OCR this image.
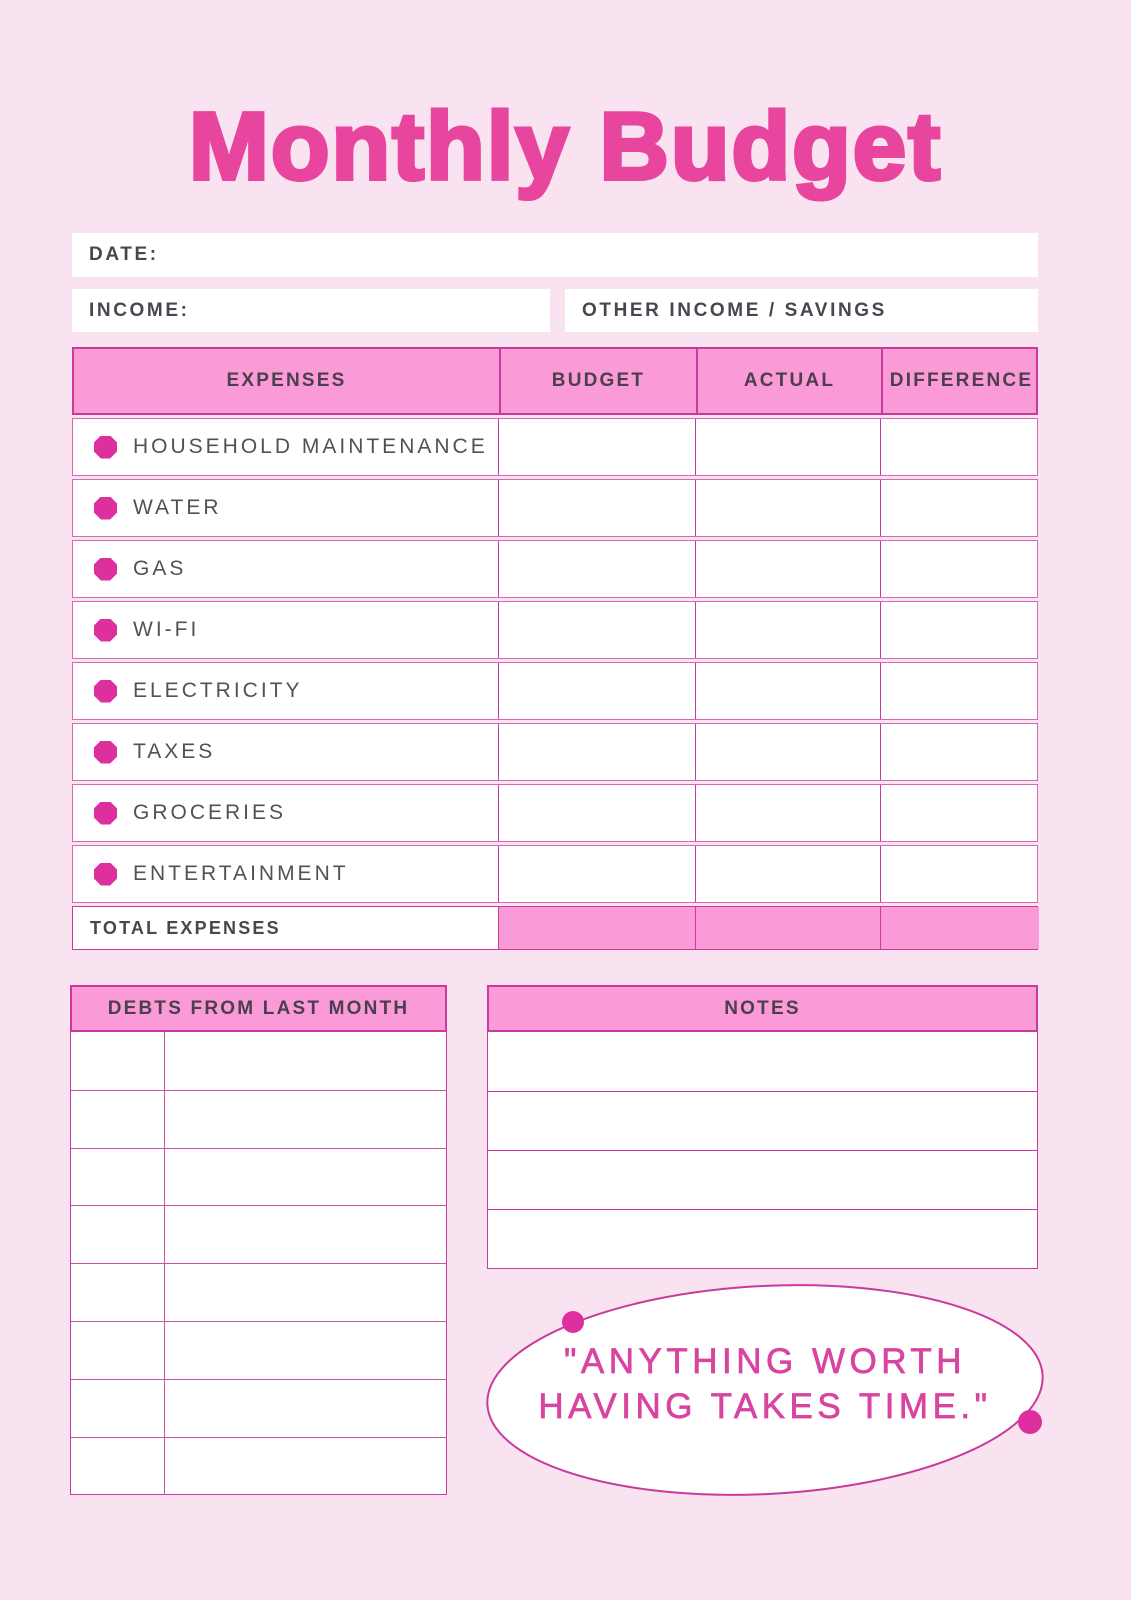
Monthly Budget
DATE:
INCOME:	OTHER INCOME / SAVINGS
EXPENSES	BUDGET	ACTUAL	DIFFERENCE
HOUSEHOLD MAINTENANCE
WATER
GAS
WI-FI
ELECTRICITY
TAXES
GROCERIES
ENTERTAINMENT
TOTAL EXPENSES
DEBTS FROM LAST MONTH	NOTES
"ANYTHING WORTH
HAVING TAKES TIME."
